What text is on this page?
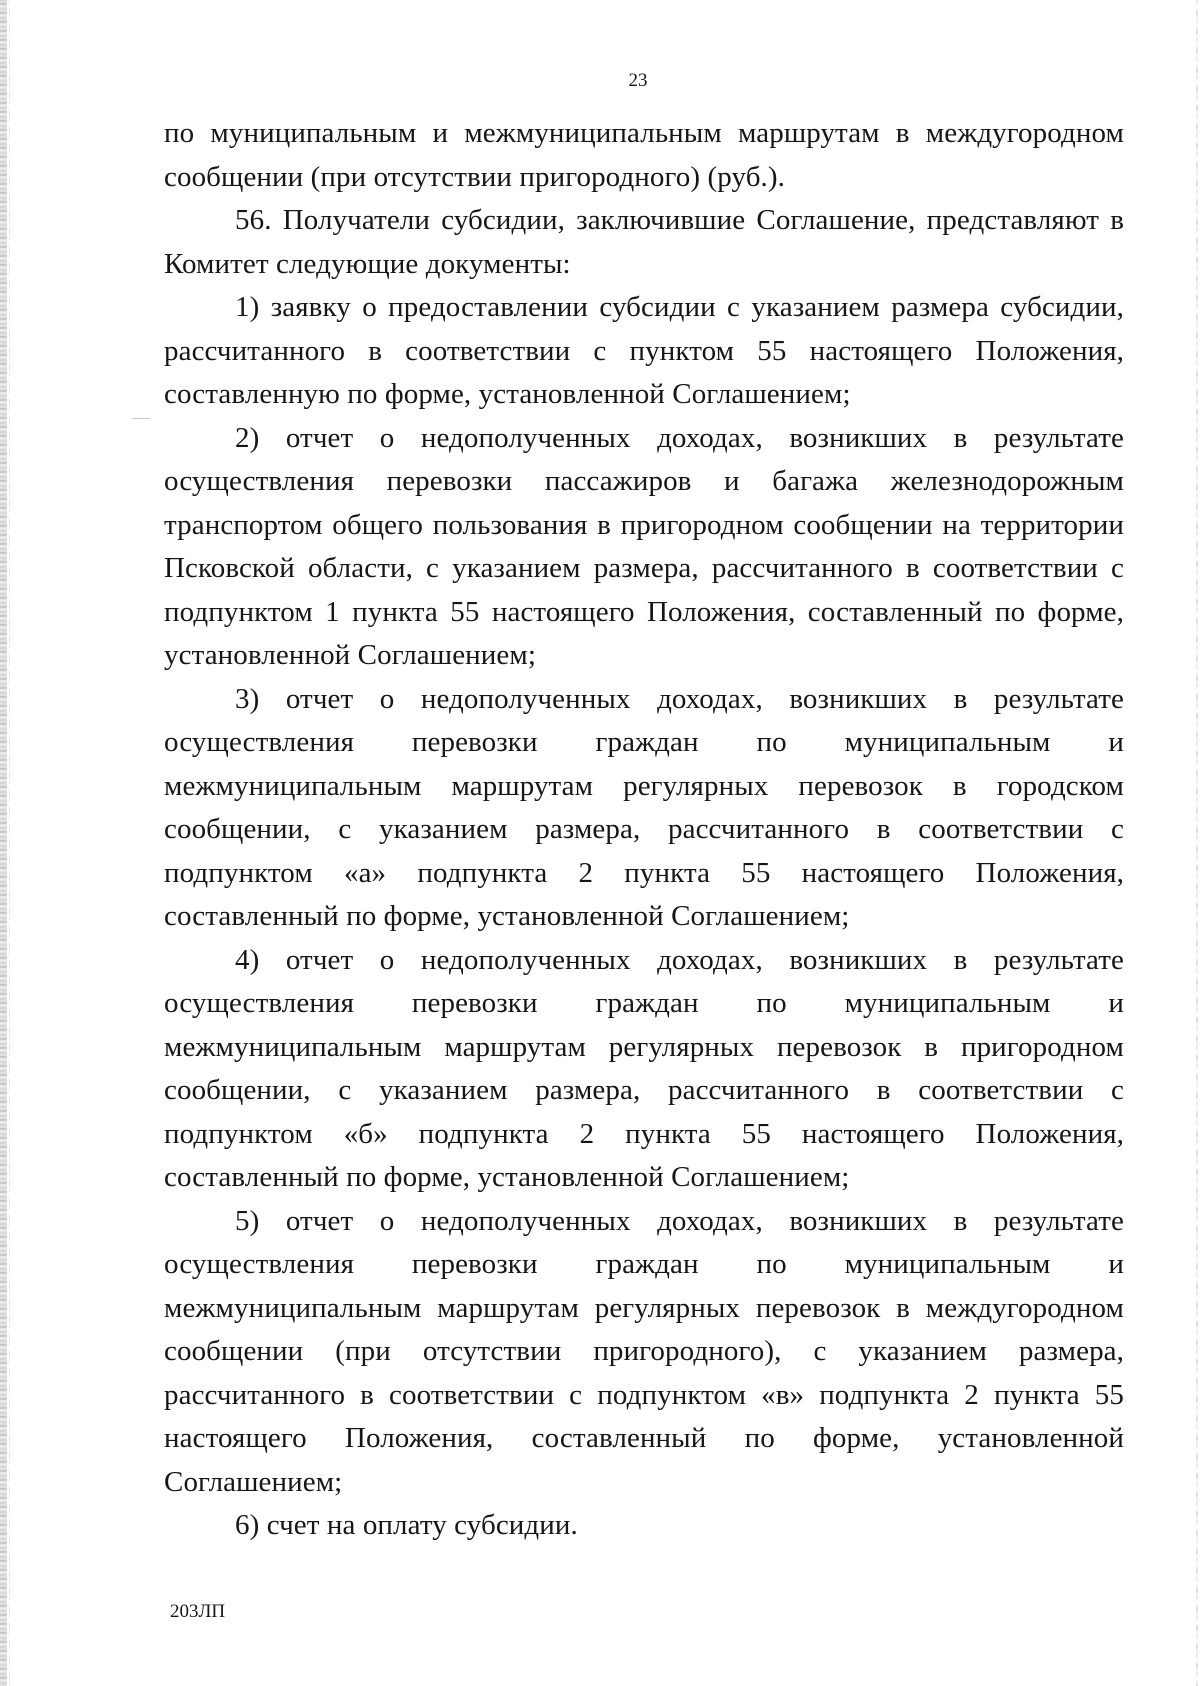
23

по муниципальным и межмуниципальным маршрутам в междугородном сообщении (при отсутствии пригородного) (руб.).

56. Получатели субсидии, заключившие Соглашение, представляют в Комитет следующие документы:

1) заявку о предоставлении субсидии с указанием размера субсидии, рассчитанного в соответствии с пунктом 55 настоящего Положения, составленную по форме, установленной Соглашением;

2) отчет о недополученных доходах, возникших в результате осуществления перевозки пассажиров и багажа железнодорожным транспортом общего пользования в пригородном сообщении на территории Псковской области, с указанием размера, рассчитанного в соответствии с подпунктом 1 пункта 55 настоящего Положения, составленный по форме, установленной Соглашением;

3) отчет о недополученных доходах, возникших в результате осуществления перевозки граждан по муниципальным и межмуниципальным маршрутам регулярных перевозок в городском сообщении, с указанием размера, рассчитанного в соответствии с подпунктом «а» подпункта 2 пункта 55 настоящего Положения, составленный по форме, установленной Соглашением;

4) отчет о недополученных доходах, возникших в результате осуществления перевозки граждан по муниципальным и межмуниципальным маршрутам регулярных перевозок в пригородном сообщении, с указанием размера, рассчитанного в соответствии с подпунктом «б» подпункта 2 пункта 55 настоящего Положения, составленный по форме, установленной Соглашением;

5) отчет о недополученных доходах, возникших в результате осуществления перевозки граждан по муниципальным и межмуниципальным маршрутам регулярных перевозок в междугородном сообщении (при отсутствии пригородного), с указанием размера, рассчитанного в соответствии с подпунктом «в» подпункта 2 пункта 55 настоящего Положения, составленный по форме, установленной Соглашением;

6) счет на оплату субсидии.

203ЛП
